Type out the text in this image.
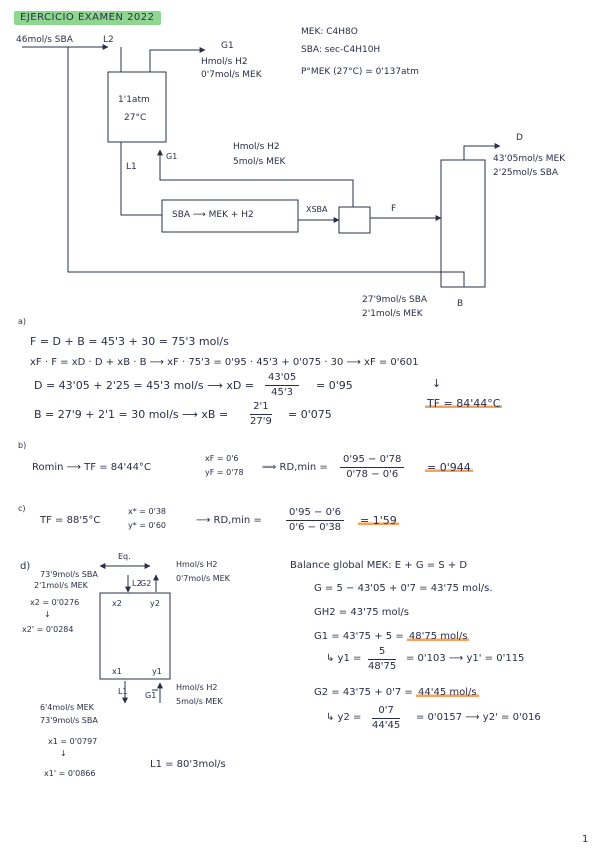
EJERCICIO EXAMEN 2022
46mol/s SBA	L2
G1
Hmol/s H2
0'7mol/s MEK
MEK: C4H8O
SBA: sec-C4H10H
P°MEK (27°C) = 0'137atm
1'1atm
27°C
G1
L1
Hmol/s H2
5mol/s MEK
SBA ⟶ MEK + H2
XSBA	F
D
43'05mol/s MEK
2'25mol/s SBA
27'9mol/s SBA
2'1mol/s MEK
B
a)
F = D + B = 45'3 + 30 = 75'3 mol/s
xF · F = xD · D + xB · B ⟶ xF · 75'3 = 0'95 · 45'3 + 0'075 · 30 ⟶ xF = 0'601
D = 43'05 + 2'25 = 45'3 mol/s ⟶ xD = $\frac{43'05}{45'3} = 0'95$	↓
TF = 84'44°C
B = 27'9 + 2'1 = 30 mol/s ⟶ xB = $\frac{2'1}{27'9} = 0'075$
b)
Romin ⟶ TF = 84'44°C
xF = 0'6
yF = 0'78 ⟹ $RD,\min = \frac{0'95 - 0'78}{0'78 - 0'6} = 0'944$
c)
TF = 88'5°C
x* = 0'38
y* = 0'60	⟶ $RD,\min = \frac{0'95 - 0'6}{0'6 - 0'38} = 1'59$
d)
Eq.
73'9mol/s SBA
2'1mol/s MEK	L2
G2
Hmol/s H2
0'7mol/s MEK
x2 = 0'0276
↓
x2' = 0'0284
x2	y2
x1	y1
L1 G1
Hmol/s H2
5mol/s MEK
6'4mol/s MEK
73'9mol/s SBA
x1 = 0'0797
↓
x1' = 0'0866
L1 = 80'3mol/s
Balance global MEK: E + G = S + D
G = 5 − 43'05 + 0'7 = 43'75 mol/s.
GH2 = 43'75 mol/s
G1 = 43'75 + 5 = 48'75 mol/s
↳ $y1 = \frac{5}{48'75} = 0'103$ ⟶ y1' = 0'115
G2 = 43'75 + 0'7 = 44'45 mol/s
↳ $y2 = \frac{0'7}{44'45} = 0'0157$ ⟶ y2' = 0'016
1
